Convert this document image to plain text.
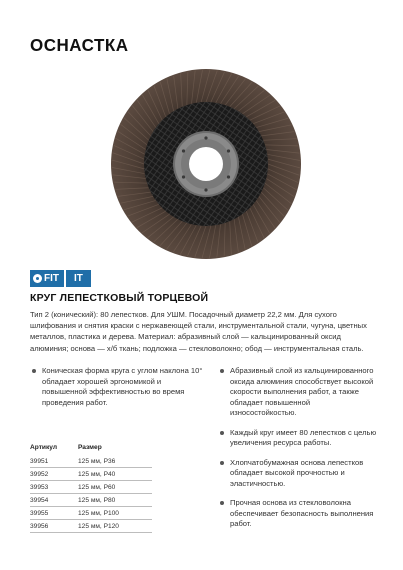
ОСНАСТКА
FIT	IT
КРУГ ЛЕПЕСТКОВЫЙ ТОРЦЕВОЙ

Тип 2 (конический): 80 лепестков. Для УШМ. Посадочный диаметр 22,2 мм. Для сухого шлифования и снятия краски с нержавеющей стали, инструментальной стали, чугуна, цветных металлов, пластика и дерева. Материал: абразивный слой — кальцинированный оксид алюминия; основа — х/б ткань; подложка — стекловолокно; обод — инструментальная сталь.

Коническая форма круга с углом наклона 10° обладает хорошей эргономикой и повышенной эффективностью во время проведения работ.
Абразивный слой из кальцинированного оксида алюминия способствует высокой скорости выполнения работ, а также обладает повышенной износостойкостью.
Каждый круг имеет 80 лепестков с целью увеличения ресурса работы.
Хлопчатобумажная основа лепестков обладает высокой прочностью и эластичностью.
Прочная основа из стекловолокна обеспечивает безопасность выполнения работ.
Артикул	Размер
39951	125 мм, Р36
39952	125 мм, Р40
39953	125 мм, Р60
39954	125 мм, Р80
39955	125 мм, Р100
39956	125 мм, Р120
